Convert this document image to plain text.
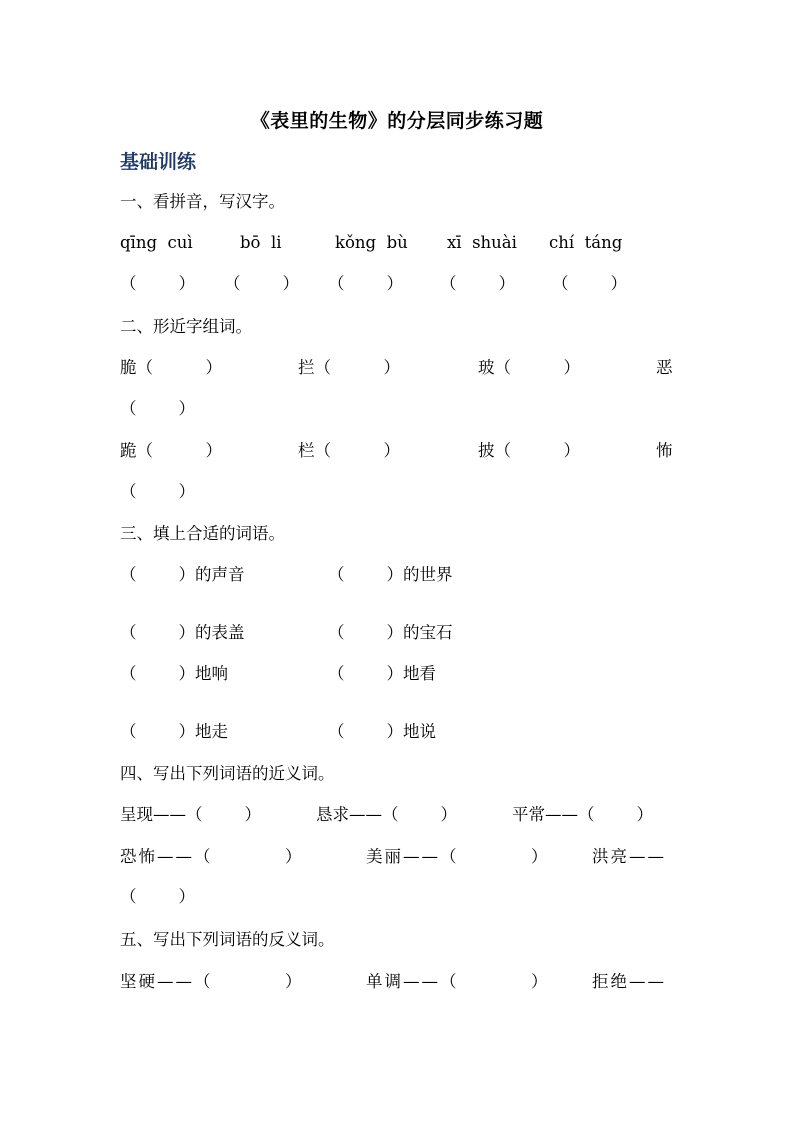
《表里的生物》的分层同步练习题
基础训练
一、看拼音，写汉字。
qīng  cuì	bō  li	kǒng  bù xī  shuài chí  táng
（        ） （        ） （        ） （        ） （        ）
二、形近字组词。
脆（          ）	拦（          ）	玻（          ）	恶
（        ）
跪（          ）	栏（          ）	披（          ）	怖
（        ）
三、填上合适的词语。
（        ）的声音	（        ）的世界
（        ）的表盖	（        ）的宝石
（        ）地响	（        ）地看
（        ）地走	（        ）地说
四、写出下列词语的近义词。
呈现——（        ）	恳求——（        ）	平常——（        ）
恐怖——（          ）	美丽——（          ）	洪亮——
（        ）
五、写出下列词语的反义词。
坚硬——（          ）	单调——（          ）	拒绝——
